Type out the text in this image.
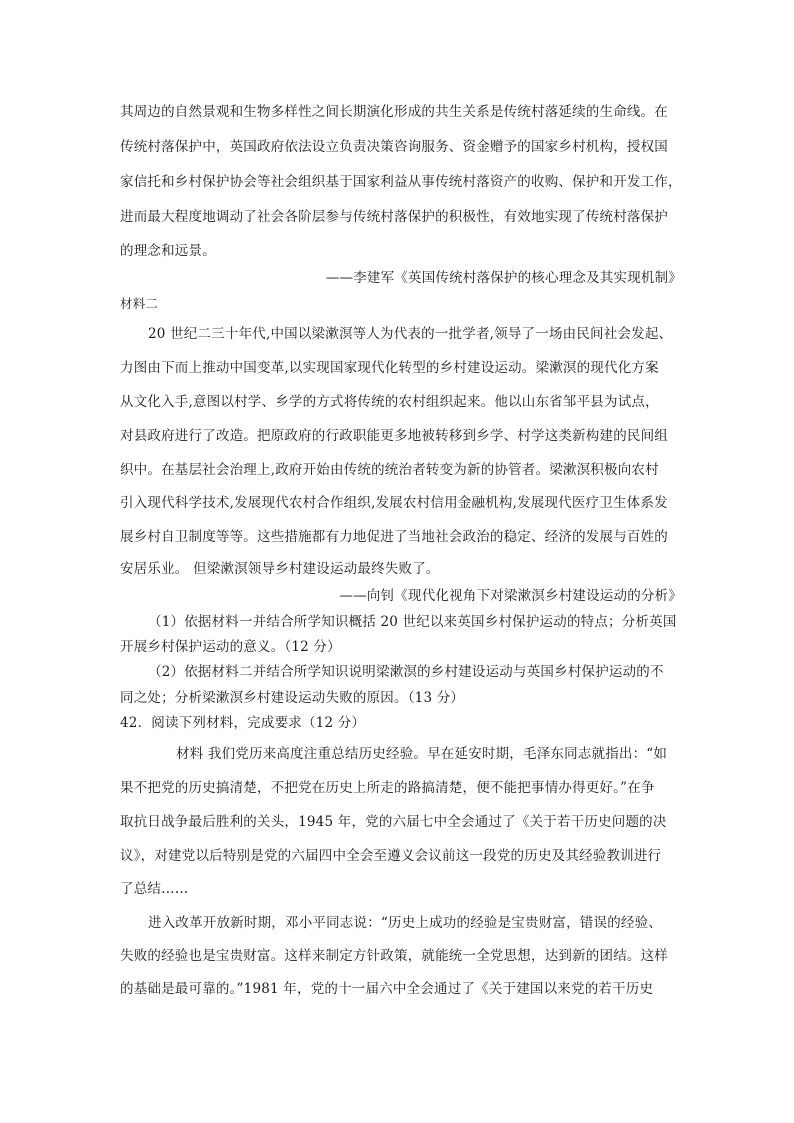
其周边的自然景观和生物多样性之间长期演化形成的共生关系是传统村落延续的生命线。在
传统村落保护中，英国政府依法设立负责决策咨询服务、资金赠予的国家乡村机构，授权国
家信托和乡村保护协会等社会组织基于国家利益从事传统村落资产的收购、保护和开发工作，
进而最大程度地调动了社会各阶层参与传统村落保护的积极性，有效地实现了传统村落保护
的理念和远景。
——李建军《英国传统村落保护的核心理念及其实现机制》
材料二
20 世纪二三十年代,中国以梁漱溟等人为代表的一批学者,领导了一场由民间社会发起、
力图由下而上推动中国变革,以实现国家现代化转型的乡村建设运动。梁漱溟的现代化方案
从文化入手,意图以村学、乡学的方式将传统的农村组织起来。他以山东省邹平县为试点，
对县政府进行了改造。把原政府的行政职能更多地被转移到乡学、村学这类新构建的民间组
织中。在基层社会治理上,政府开始由传统的统治者转变为新的协管者。梁漱溟积极向农村
引入现代科学技术,发展现代农村合作组织,发展农村信用金融机构,发展现代医疗卫生体系发
展乡村自卫制度等等。这些措施都有力地促进了当地社会政治的稳定、经济的发展与百姓的
安居乐业。 但梁漱溟领导乡村建设运动最终失败了。
——向钊《现代化视角下对梁漱溟乡村建设运动的分析》
（1）依据材料一并结合所学知识概括 20 世纪以来英国乡村保护运动的特点；分析英国
开展乡村保护运动的意义。（12 分）
（2）依据材料二并结合所学知识说明梁漱溟的乡村建设运动与英国乡村保护运动的不
同之处；分析梁漱溟乡村建设运动失败的原因。（13 分）
42．阅读下列材料，完成要求（12 分）
材料 我们党历来高度注重总结历史经验。早在延安时期，毛泽东同志就指出：“如
果不把党的历史搞清楚，不把党在历史上所走的路搞清楚，便不能把事情办得更好。”在争
取抗日战争最后胜利的关头，1945 年，党的六届七中全会通过了《关于若干历史问题的决
议》，对建党以后特别是党的六届四中全会至遵义会议前这一段党的历史及其经验教训进行
了总结……
进入改革开放新时期，邓小平同志说：“历史上成功的经验是宝贵财富，错误的经验、
失败的经验也是宝贵财富。这样来制定方针政策，就能统一全党思想，达到新的团结。这样
的基础是最可靠的。”1981 年，党的十一届六中全会通过了《关于建国以来党的若干历史
